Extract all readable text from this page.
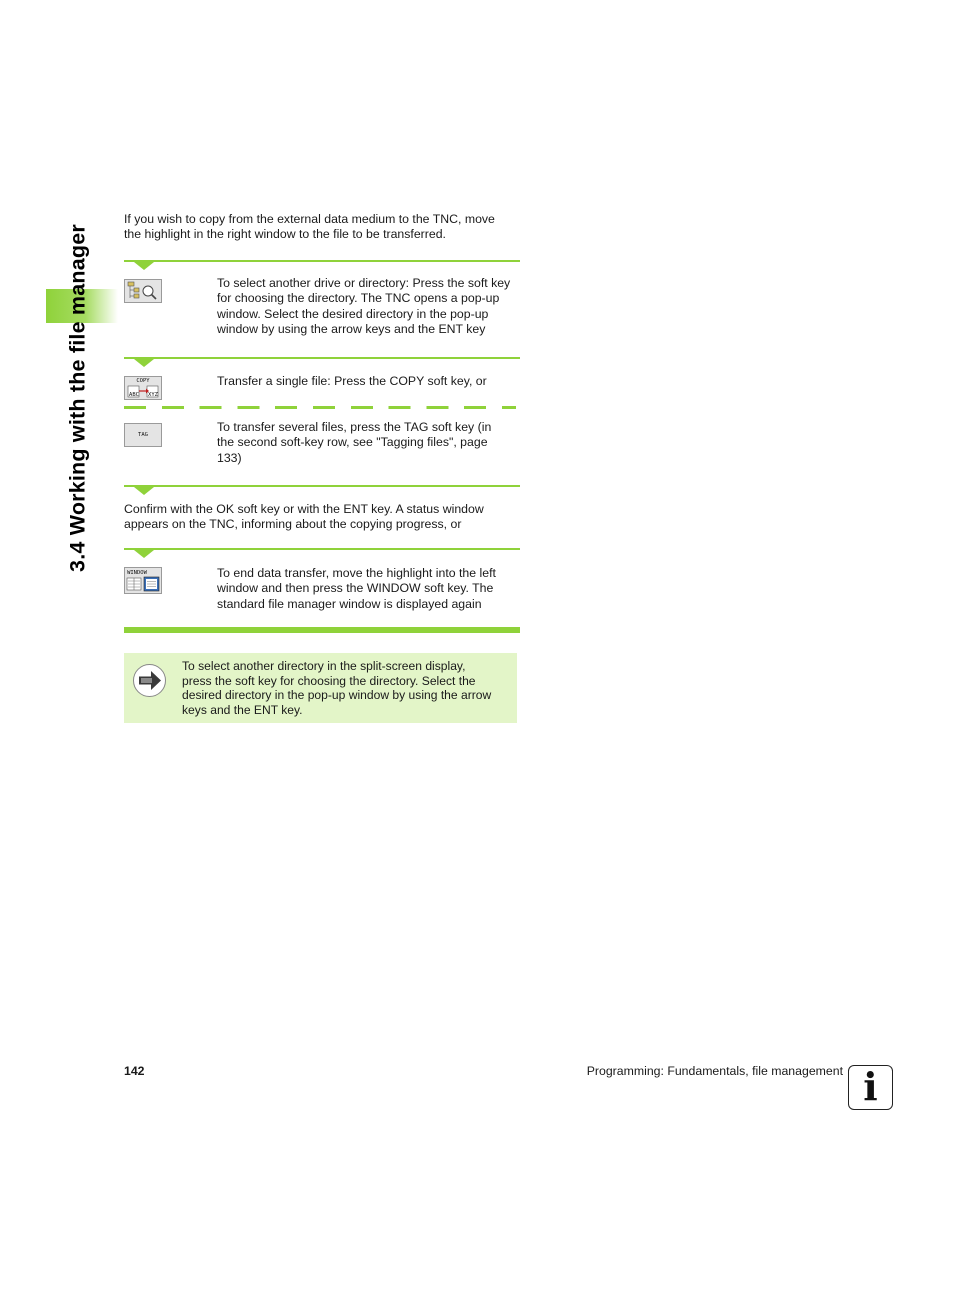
3.4 Working with the file manager
If you wish to copy from the external data medium to the TNC, move
the highlight in the right window to the file to be transferred.
To select another drive or directory: Press the soft key
for choosing the directory. The TNC opens a pop-up
window. Select the desired directory in the pop-up
window by using the arrow keys and the ENT key
COPY
ABC XYZ
Transfer a single file: Press the COPY soft key, or
TAG
To transfer several files, press the TAG soft key (in
the second soft-key row, see "Tagging files", page
133)
Confirm with the OK soft key or with the ENT key. A status window
appears on the TNC, informing about the copying progress, or
WINDOW	To end data transfer, move the highlight into the left
window and then press the WINDOW soft key. The
standard file manager window is displayed again
To select another directory in the split-screen display,
press the soft key for choosing the directory. Select the
desired directory in the pop-up window by using the arrow
keys and the ENT key.
142	Programming: Fundamentals, file management i
